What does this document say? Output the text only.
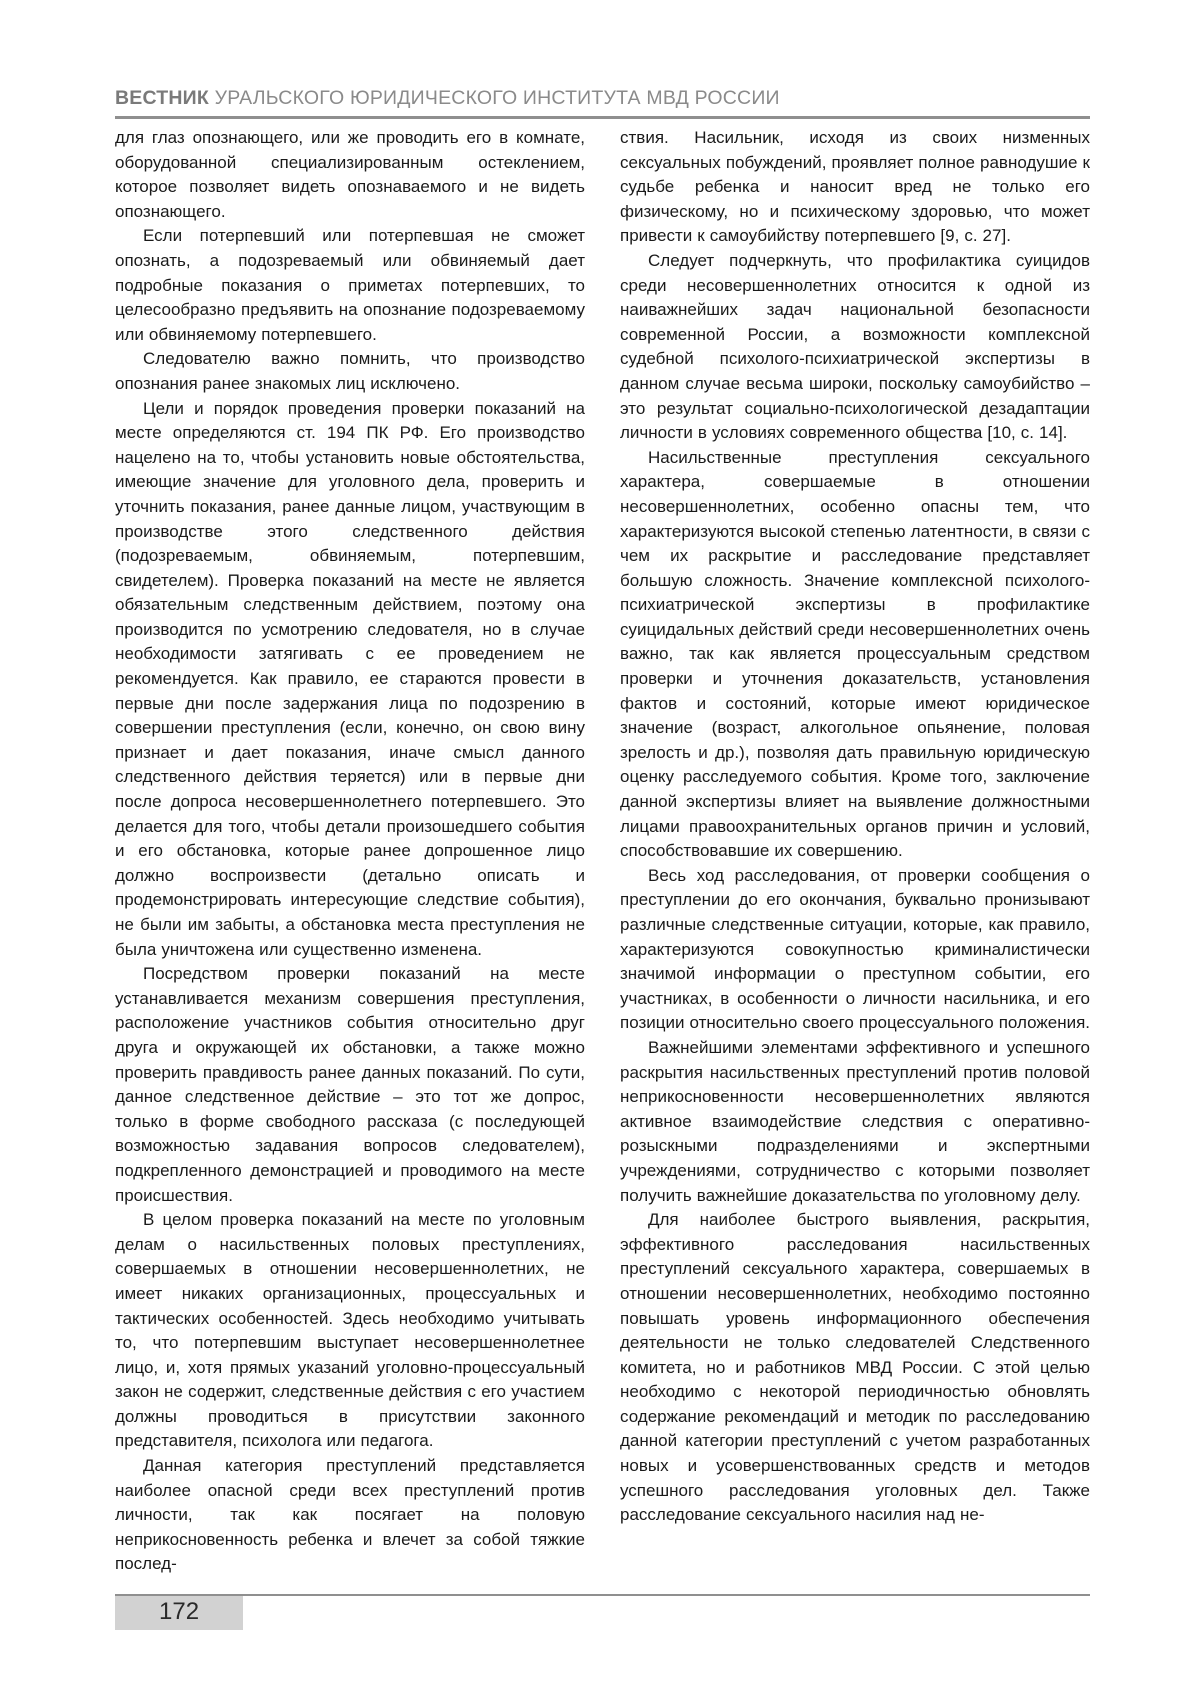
ВЕСТНИК УРАЛЬСКОГО ЮРИДИЧЕСКОГО ИНСТИТУТА МВД РОССИИ

для глаз опознающего, или же проводить его в комнате, оборудованной специализированным остеклением, которое позволяет видеть опознаваемого и не видеть опознающего.

Если потерпевший или потерпевшая не сможет опознать, а подозреваемый или обвиняемый дает подробные показания о приметах потерпевших, то целесообразно предъявить на опознание подозреваемому или обвиняемому потерпевшего.

Следователю важно помнить, что производство опознания ранее знакомых лиц исключено.

Цели и порядок проведения проверки показаний на месте определяются ст. 194 ПК РФ. Его производство нацелено на то, чтобы установить новые обстоятельства, имеющие значение для уголовного дела, проверить и уточнить показания, ранее данные лицом, участвующим в производстве этого следственного действия (подозреваемым, обвиняемым, потерпевшим, свидетелем). Проверка показаний на месте не является обязательным следственным действием, поэтому она производится по усмотрению следователя, но в случае необходимости затягивать с ее проведением не рекомендуется. Как правило, ее стараются провести в первые дни после задержания лица по подозрению в совершении преступления (если, конечно, он свою вину признает и дает показания, иначе смысл данного следственного действия теряется) или в первые дни после допроса несовершеннолетнего потерпевшего. Это делается для того, чтобы детали произошедшего события и его обстановка, которые ранее допрошенное лицо должно воспроизвести (детально описать и продемонстрировать интересующие следствие события), не были им забыты, а обстановка места преступления не была уничтожена или существенно изменена.

Посредством проверки показаний на месте устанавливается механизм совершения преступления, расположение участников события относительно друг друга и окружающей их обстановки, а также можно проверить правдивость ранее данных показаний. По сути, данное следственное действие – это тот же допрос, только в форме свободного рассказа (с последующей возможностью задавания вопросов следователем), подкрепленного демонстрацией и проводимого на месте происшествия.

В целом проверка показаний на месте по уголовным делам о насильственных половых преступлениях, совершаемых в отношении несовершеннолетних, не имеет никаких организационных, процессуальных и тактических особенностей. Здесь необходимо учитывать то, что потерпевшим выступает несовершеннолетнее лицо, и, хотя прямых указаний уголовно-процессуальный закон не содержит, следственные действия с его участием должны проводиться в присутствии законного представителя, психолога или педагога.

Данная категория преступлений представляется наиболее опасной среди всех преступлений против личности, так как посягает на половую неприкосновенность ребенка и влечет за собой тяжкие послед-

ствия. Насильник, исходя из своих низменных сексуальных побуждений, проявляет полное равнодушие к судьбе ребенка и наносит вред не только его физическому, но и психическому здоровью, что может привести к самоубийству потерпевшего [9, с. 27].

Следует подчеркнуть, что профилактика суицидов среди несовершеннолетних относится к одной из наиважнейших задач национальной безопасности современной России, а возможности комплексной судебной психолого-психиатрической экспертизы в данном случае весьма широки, поскольку самоубийство – это результат социально-психологической дезадаптации личности в условиях современного общества [10, с. 14].

Насильственные преступления сексуального характера, совершаемые в отношении несовершеннолетних, особенно опасны тем, что характеризуются высокой степенью латентности, в связи с чем их раскрытие и расследование представляет большую сложность. Значение комплексной психолого-психиатрической экспертизы в профилактике суицидальных действий среди несовершеннолетних очень важно, так как является процессуальным средством проверки и уточнения доказательств, установления фактов и состояний, которые имеют юридическое значение (возраст, алкогольное опьянение, половая зрелость и др.), позволяя дать правильную юридическую оценку расследуемого события. Кроме того, заключение данной экспертизы влияет на выявление должностными лицами правоохранительных органов причин и условий, способствовавшие их совершению.

Весь ход расследования, от проверки сообщения о преступлении до его окончания, буквально пронизывают различные следственные ситуации, которые, как правило, характеризуются совокупностью криминалистически значимой информации о преступном событии, его участниках, в особенности о личности насильника, и его позиции относительно своего процессуального положения.

Важнейшими элементами эффективного и успешного раскрытия насильственных преступлений против половой неприкосновенности несовершеннолетних являются активное взаимодействие следствия с оперативно-розыскными подразделениями и экспертными учреждениями, сотрудничество с которыми позволяет получить важнейшие доказательства по уголовному делу.

Для наиболее быстрого выявления, раскрытия, эффективного расследования насильственных преступлений сексуального характера, совершаемых в отношении несовершеннолетних, необходимо постоянно повышать уровень информационного обеспечения деятельности не только следователей Следственного комитета, но и работников МВД России. С этой целью необходимо с некоторой периодичностью обновлять содержание рекомендаций и методик по расследованию данной категории преступлений с учетом разработанных новых и усовершенствованных средств и методов успешного расследования уголовных дел. Также расследование сексуального насилия над не-

172
